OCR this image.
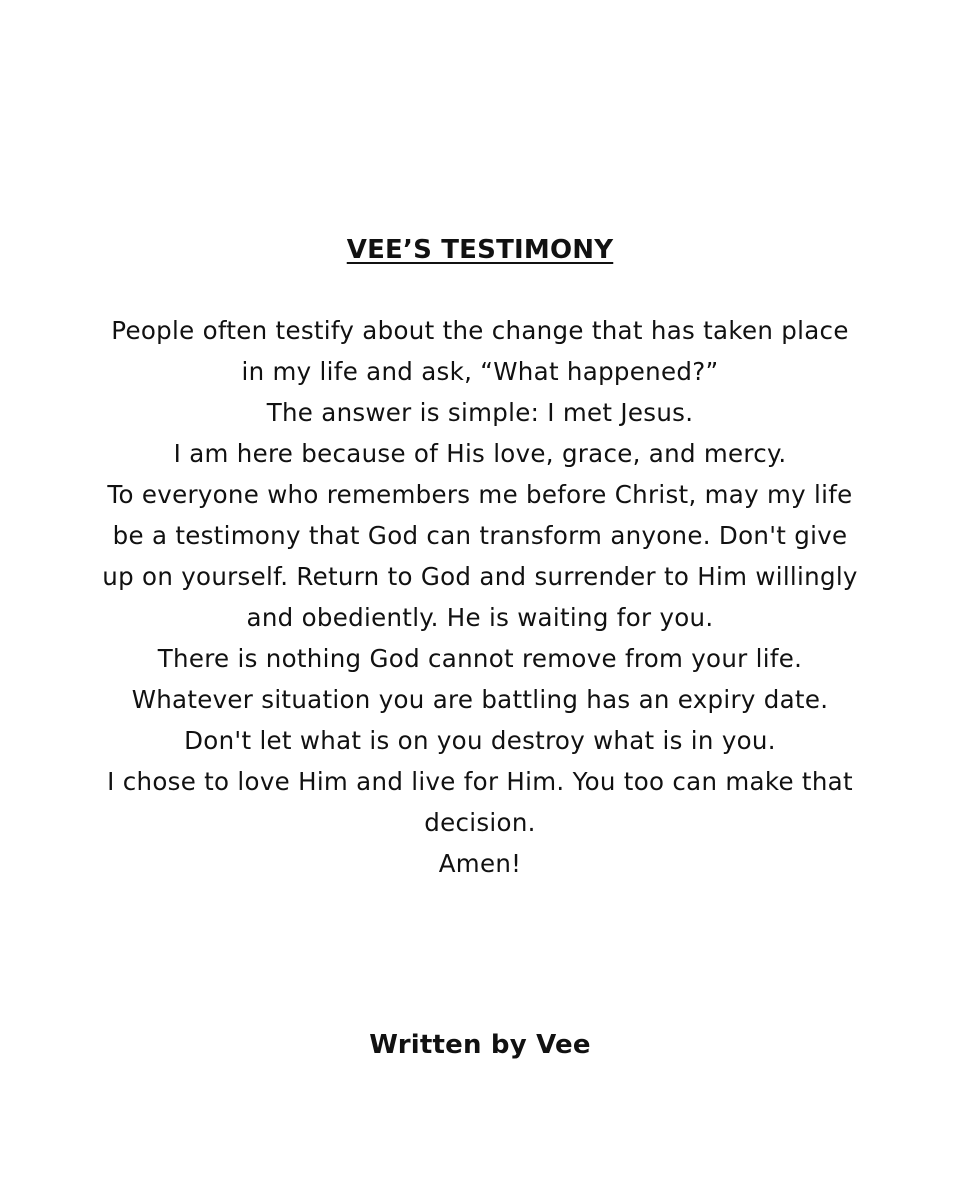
VEE’S TESTIMONY
People often testify about the change that has taken place
in my life and ask, “What happened?”
The answer is simple: I met Jesus.
I am here because of His love, grace, and mercy.
To everyone who remembers me before Christ, may my life
be a testimony that God can transform anyone. Don't give
up on yourself. Return to God and surrender to Him willingly
and obediently. He is waiting for you.
There is nothing God cannot remove from your life.
Whatever situation you are battling has an expiry date.
Don't let what is on you destroy what is in you.
I chose to love Him and live for Him. You too can make that
decision.
Amen!
Written by Vee
